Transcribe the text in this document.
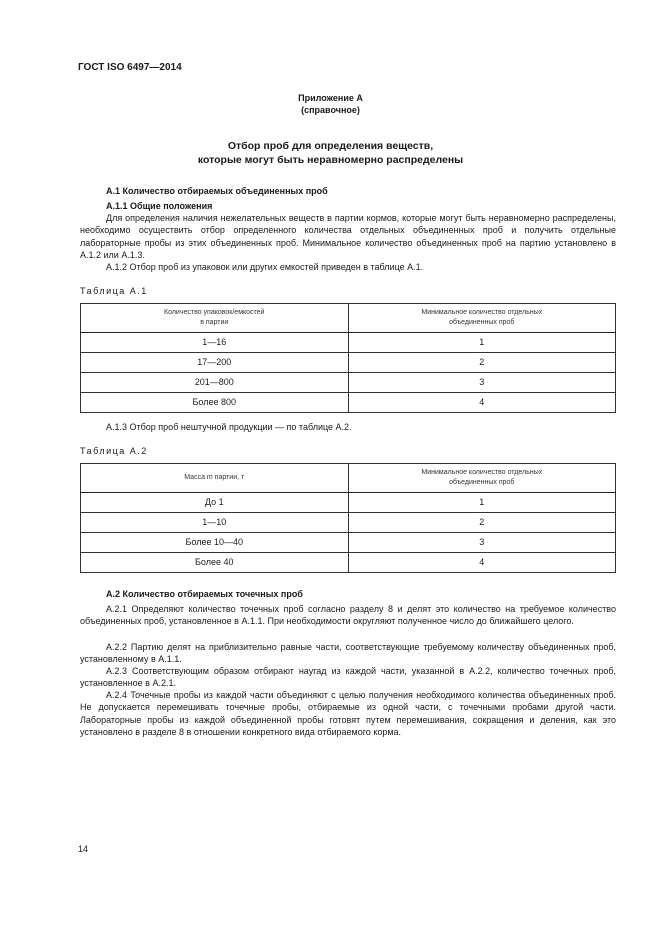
ГОСТ ISO 6497—2014
Приложение А
(справочное)
Отбор проб для определения веществ,
которые могут быть неравномерно распределены
A.1 Количество отбираемых объединенных проб
А.1.1 Общие положения
Для определения наличия нежелательных веществ в партии кормов, которые могут быть неравномерно распределены, необходимо осуществить отбор определенного количества отдельных объединенных проб и получить отдельные лабораторные пробы из этих объединенных проб. Минимальное количество объединенных проб на партию установлено в А.1.2 или А.1.3.
А.1.2 Отбор проб из упаковок или других емкостей приведен в таблице А.1.
Таблица А.1
Количество упаковок/емкостей
в партии	Минимальное количество отдельных
объединенных проб
1—16	1
17—200	2
201—800	3
Более 800	4
А.1.3 Отбор проб нештучной продукции — по таблице А.2.
Таблица А.2
Масса m партии, т	Минимальное количество отдельных
объединенных проб
До 1	1
1—10	2
Более 10—40	3
Более 40	4
А.2 Количество отбираемых точечных проб
А.2.1 Определяют количество точечных проб согласно разделу 8 и делят это количество на требуемое количество объединенных проб, установленное в А.1.1. При необходимости округляют полученное число до ближайшего целого.
А.2.2 Партию делят на приблизительно равные части, соответствующие требуемому количеству объединенных проб, установленному в А.1.1.
А.2.3 Соответствующим образом отбирают наугад из каждой части, указанной в А.2.2, количество точечных проб, установленное в А.2.1.
А.2.4 Точечные пробы из каждой части объединяют с целью получения необходимого количества объединенных проб. Не допускается перемешивать точечные пробы, отбираемые из одной части, с точечными пробами другой части. Лабораторные пробы из каждой объединенной пробы готовят путем перемешивания, сокращения и деления, как это установлено в разделе 8 в отношении конкретного вида отбираемого корма.
14
